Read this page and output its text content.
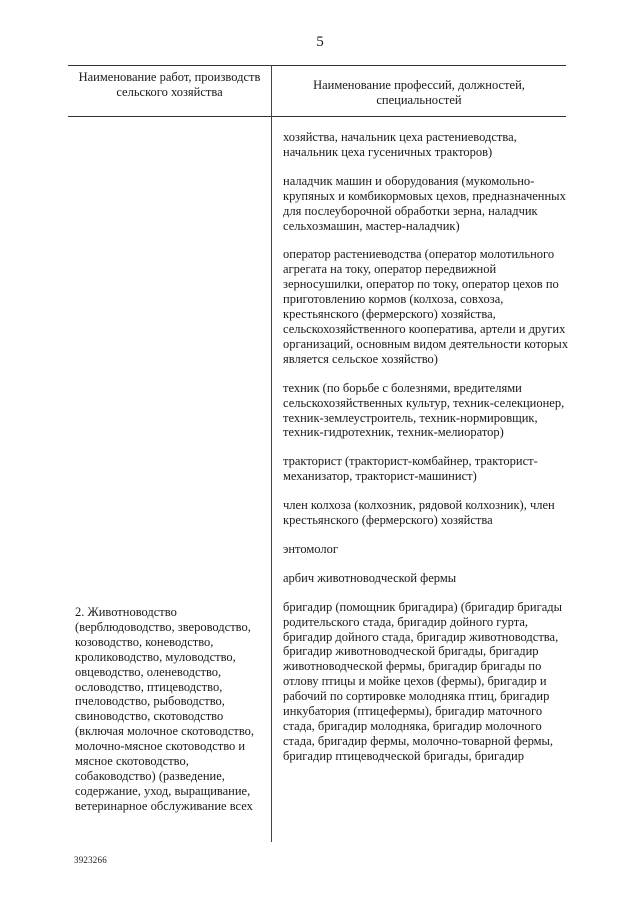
5
Наименование работ, производств сельского хозяйства	Наименование профессий, должностей, специальностей

хозяйства, начальник цеха растениеводства, начальник цеха гусеничных тракторов)

наладчик машин и оборудования (мукомольно-крупяных и комбикормовых цехов, предназначенных для послеуборочной обработки зерна, наладчик сельхозмашин, мастер-наладчик)

оператор растениеводства (оператор молотильного агрегата на току, оператор передвижной зерносушилки, оператор по току, оператор цехов по приготовлению кормов (колхоза, совхоза, крестьянского (фермерского) хозяйства, сельскохозяйственного кооператива, артели и других организаций, основным видом деятельности которых является сельское хозяйство)

техник (по борьбе с болезнями, вредителями сельскохозяйственных культур, техник-селекционер, техник-землеустроитель, техник-нормировщик, техник-гидротехник, техник-мелиоратор)

тракторист (тракторист-комбайнер, тракторист-механизатор, тракторист-машинист)

член колхоза (колхозник, рядовой колхозник), член крестьянского (фермерского) хозяйства

энтомолог

арбич животноводческой фермы

бригадир (помощник бригадира) (бригадир бригады родительского стада, бригадир дойного гурта, бригадир дойного стада, бригадир животноводства, бригадир животноводческой бригады, бригадир животноводческой фермы, бригадир бригады по отлову птицы и мойке цехов (фермы), бригадир и рабочий по сортировке молодняка птиц, бригадир инкубатория (птицефермы), бригадир маточного стада, бригадир молодняка, бригадир молочного стада, бригадир фермы, молочно-товарной фермы, бригадир птицеводческой бригады, бригадир

2. Животноводство (верблюдоводство, звероводство, козоводство, коневодство, кролиководство, муловодство, овцеводство, оленеводство, ословодство, птицеводство, пчеловодство, рыбоводство, свиноводство, скотоводство (включая молочное скотоводство, молочно-мясное скотоводство и мясное скотоводство, собаководство) (разведение, содержание, уход, выращивание, ветеринарное обслуживание всех

3923266
